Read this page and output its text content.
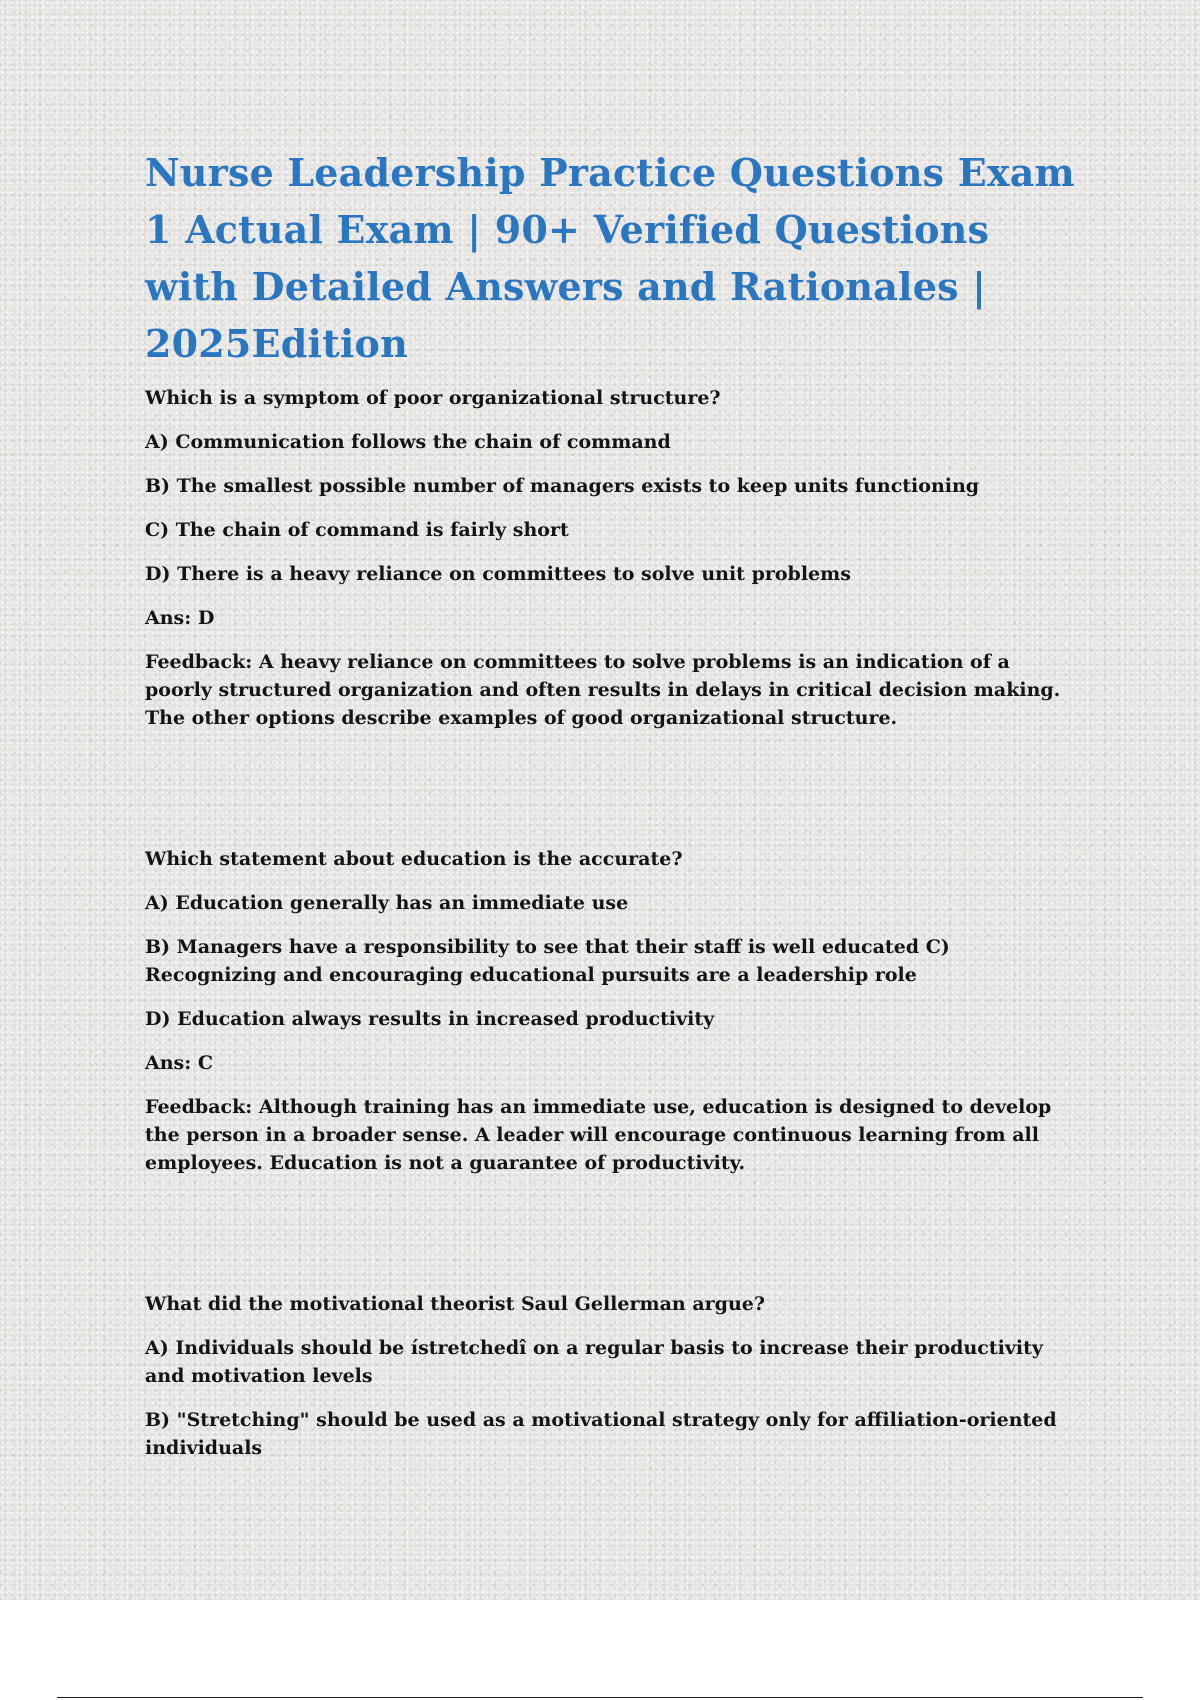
Nurse Leadership Practice Questions Exam 1 Actual Exam | 90+ Verified Questions with Detailed Answers and Rationales | 2025Edition

Which is a symptom of poor organizational structure?

A) Communication follows the chain of command

B) The smallest possible number of managers exists to keep units functioning

C) The chain of command is fairly short

D) There is a heavy reliance on committees to solve unit problems

Ans: D

Feedback: A heavy reliance on committees to solve problems is an indication of a poorly structured organization and often results in delays in critical decision making. The other options describe examples of good organizational structure.

Which statement about education is the accurate?

A) Education generally has an immediate use

B) Managers have a responsibility to see that their staff is well educated C) Recognizing and encouraging educational pursuits are a leadership role

D) Education always results in increased productivity

Ans: C

Feedback: Although training has an immediate use, education is designed to develop the person in a broader sense. A leader will encourage continuous learning from all employees. Education is not a guarantee of productivity.

What did the motivational theorist Saul Gellerman argue?

A) Individuals should be ístretchedî on a regular basis to increase their productivity and motivation levels

B) "Stretching" should be used as a motivational strategy only for affiliation-oriented individuals
